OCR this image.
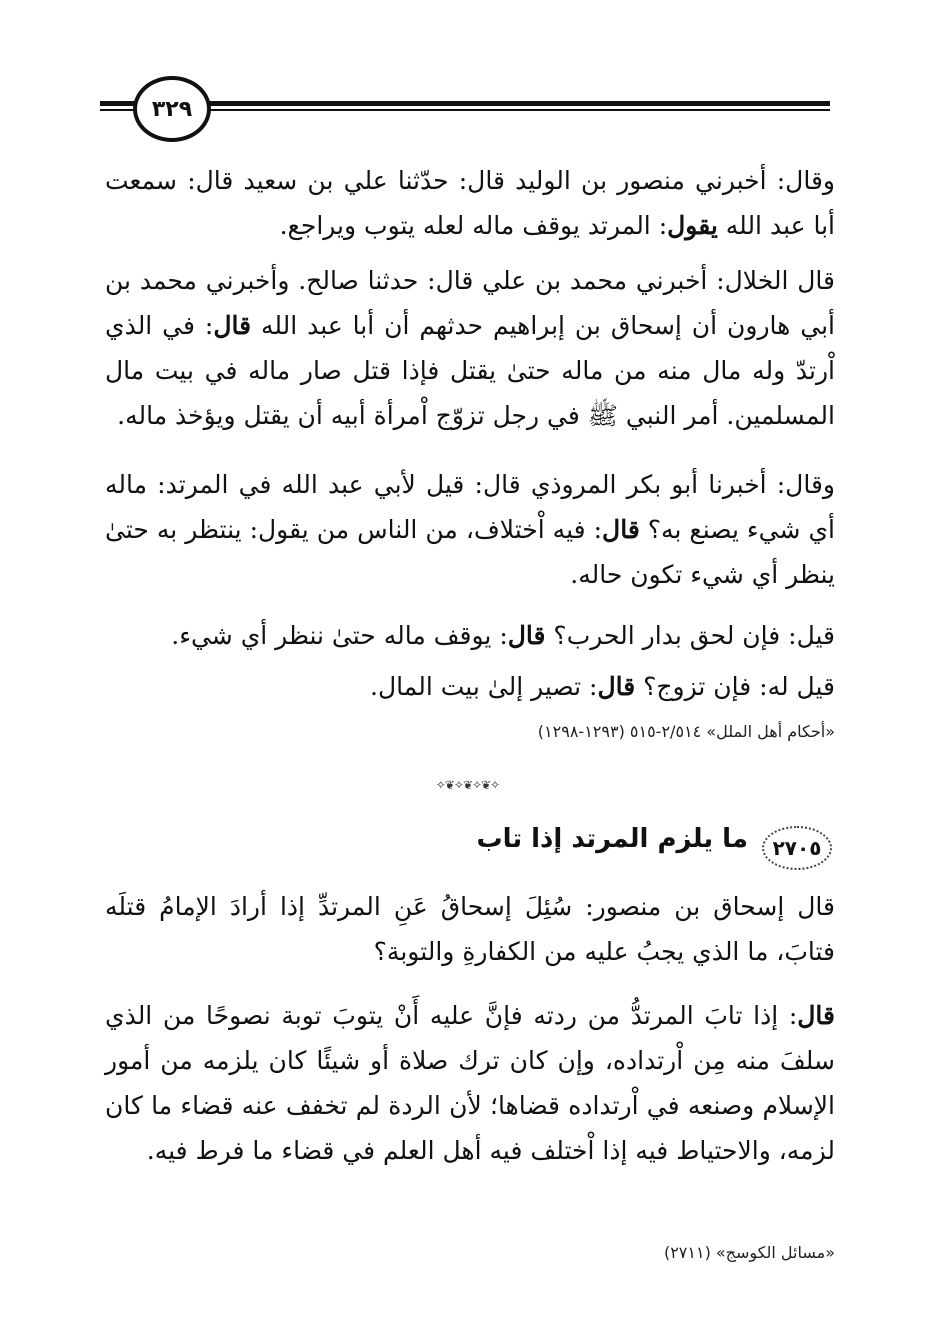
٣٢٩

وقال: أخبرني منصور بن الوليد قال: حدّثنا علي بن سعيد قال: سمعت أبا عبد الله يقول: المرتد يوقف ماله لعله يتوب ويراجع.

قال الخلال: أخبرني محمد بن علي قال: حدثنا صالح. وأخبرني محمد بن أبي هارون أن إسحاق بن إبراهيم حدثهم أن أبا عبد الله قال: في الذي اْرتدّ وله مال منه من ماله حتىٰ يقتل فإذا قتل صار ماله في بيت مال المسلمين. أمر النبي ﷺ في رجل تزوّج اْمرأة أبيه أن يقتل ويؤخذ ماله.

وقال: أخبرنا أبو بكر المروذي قال: قيل لأبي عبد الله في المرتد: ماله أي شيء يصنع به؟ قال: فيه اْختلاف، من الناس من يقول: ينتظر به حتىٰ ينظر أي شيء تكون حاله.

قيل: فإن لحق بدار الحرب؟ قال: يوقف ماله حتىٰ ننظر أي شيء.

قيل له: فإن تزوج؟ قال: تصير إلىٰ بيت المال.

«أحكام أهل الملل» ٢/٥١٤-٥١٥ (١٢٩٣-١٢٩٨)
✧❦✧❦✧❦✧
٢٧٠٥
ما يلزم المرتد إذا تاب

قال إسحاق بن منصور: سُئِلَ إسحاقُ عَنِ المرتدِّ إذا أرادَ الإمامُ قتلَه فتابَ، ما الذي يجبُ عليه من الكفارةِ والتوبة؟

قال: إذا تابَ المرتدُّ من ردته فإنَّ عليه أَنْ يتوبَ توبة نصوحًا من الذي سلفَ منه مِن اْرتداده، وإن كان ترك صلاة أو شيئًا كان يلزمه من أمور الإسلام وصنعه في اْرتداده قضاها؛ لأن الردة لم تخفف عنه قضاء ما كان لزمه، والاحتياط فيه إذا اْختلف فيه أهل العلم في قضاء ما فرط فيه.

«مسائل الكوسج» (٢٧١١)
